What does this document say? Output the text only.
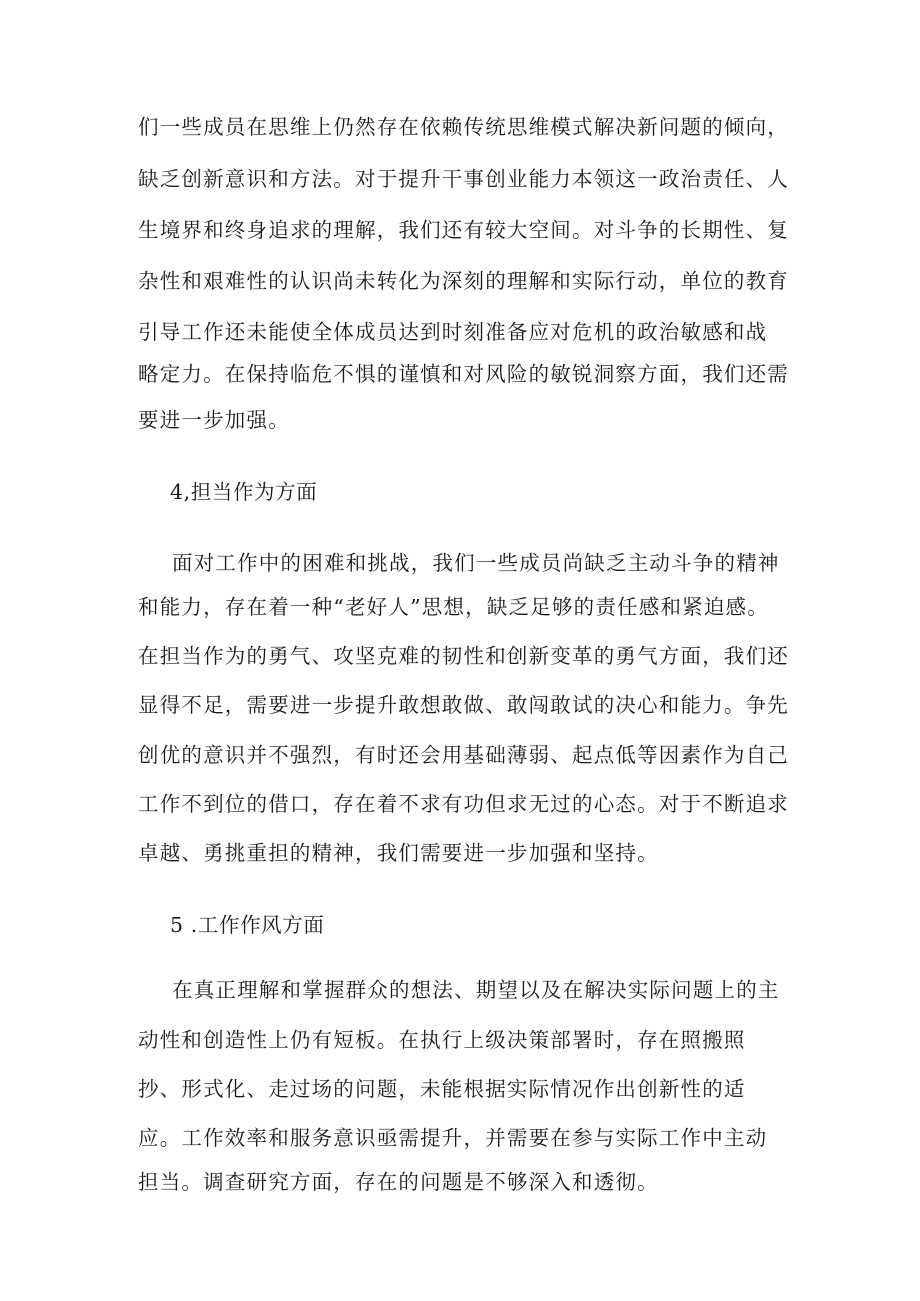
们一些成员在思维上仍然存在依赖传统思维模式解决新问题的倾向，
缺乏创新意识和方法。对于提升干事创业能力本领这一政治责任、人
生境界和终身追求的理解，我们还有较大空间。对斗争的长期性、复
杂性和艰难性的认识尚未转化为深刻的理解和实际行动，单位的教育
引导工作还未能使全体成员达到时刻准备应对危机的政治敏感和战
略定力。在保持临危不惧的谨慎和对风险的敏锐洞察方面，我们还需
要进一步加强。
4,担当作为方面
面对工作中的困难和挑战，我们一些成员尚缺乏主动斗争的精神
和能力，存在着一种“老好人”思想，缺乏足够的责任感和紧迫感。
在担当作为的勇气、攻坚克难的韧性和创新变革的勇气方面，我们还
显得不足，需要进一步提升敢想敢做、敢闯敢试的决心和能力。争先
创优的意识并不强烈，有时还会用基础薄弱、起点低等因素作为自己
工作不到位的借口，存在着不求有功但求无过的心态。对于不断追求
卓越、勇挑重担的精神，我们需要进一步加强和坚持。
5 .工作作风方面
在真正理解和掌握群众的想法、期望以及在解决实际问题上的主
动性和创造性上仍有短板。在执行上级决策部署时，存在照搬照
抄、形式化、走过场的问题，未能根据实际情况作出创新性的适
应。工作效率和服务意识亟需提升，并需要在参与实际工作中主动
担当。调查研究方面，存在的问题是不够深入和透彻。
